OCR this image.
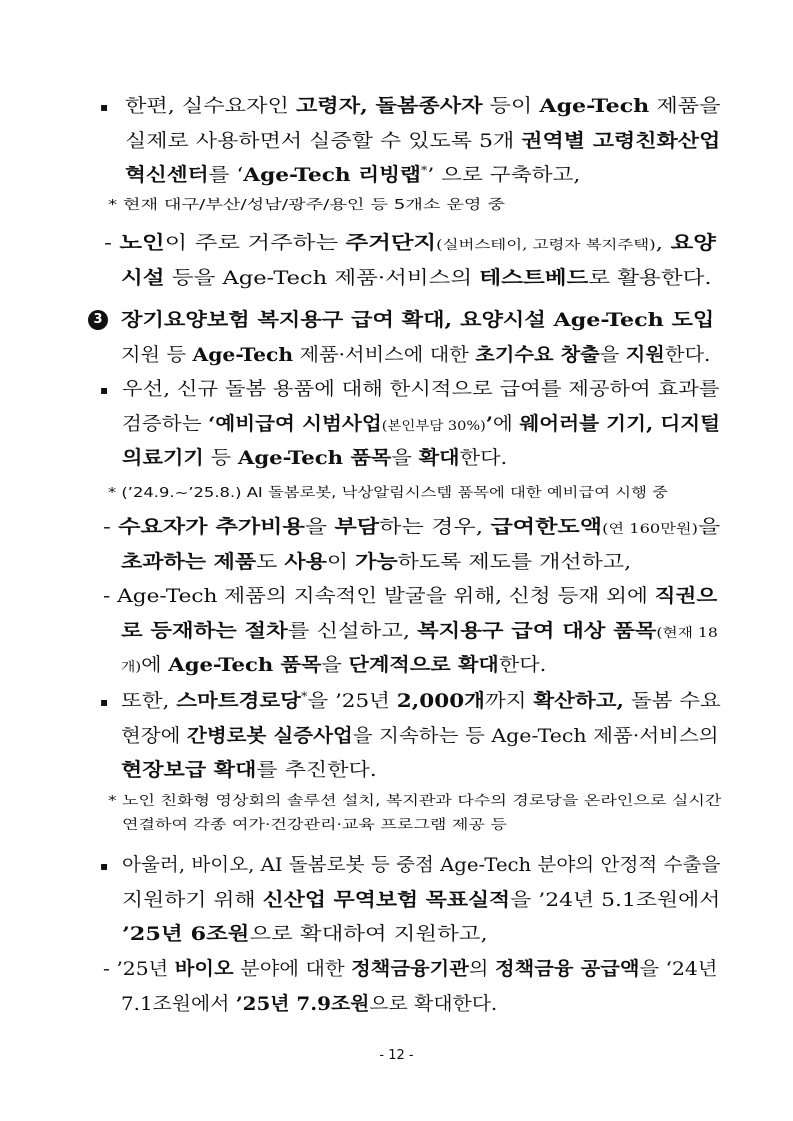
▪ 한편, 실수요자인 고령자, 돌봄종사자 등이 Age-Tech 제품을
실제로 사용하면서 실증할 수 있도록 5개 권역별 고령친화산업
혁신센터를 ‘Age-Tech 리빙랩*’ 으로 구축하고,
* 현재 대구/부산/성남/광주/용인 등 5개소 운영 중
- 노인이 주로 거주하는 주거단지(실버스테이, 고령자 복지주택), 요양
시설 등을 Age-Tech 제품·서비스의 테스트베드로 활용한다.
3 장기요양보험 복지용구 급여 확대, 요양시설 Age-Tech 도입
지원 등 Age-Tech 제품·서비스에 대한 초기수요 창출을 지원한다.
▪ 우선, 신규 돌봄 용품에 대해 한시적으로 급여를 제공하여 효과를
검증하는 ‘예비급여 시범사업(본인부담 30%)’에 웨어러블 기기, 디지털
의료기기 등 Age-Tech 품목을 확대한다.
* (’24.9.~’25.8.) AI 돌봄로봇, 낙상알림시스템 품목에 대한 예비급여 시행 중
- 수요자가 추가비용을 부담하는 경우, 급여한도액(연 160만원)을
초과하는 제품도 사용이 가능하도록 제도를 개선하고,
- Age-Tech 제품의 지속적인 발굴을 위해, 신청 등재 외에 직권으
로 등재하는 절차를 신설하고, 복지용구 급여 대상 품목(현재 18
개)에 Age-Tech 품목을 단계적으로 확대한다.
▪ 또한, 스마트경로당*을 ’25년 2,000개까지 확산하고, 돌봄 수요
현장에 간병로봇 실증사업을 지속하는 등 Age-Tech 제품·서비스의
현장보급 확대를 추진한다.
* 노인 친화형 영상회의 솔루션 설치, 복지관과 다수의 경로당을 온라인으로 실시간
연결하여 각종 여가·건강관리·교육 프로그램 제공 등
▪ 아울러, 바이오, AI 돌봄로봇 등 중점 Age-Tech 분야의 안정적 수출을
지원하기 위해 신산업 무역보험 목표실적을 ’24년 5.1조원에서
’25년 6조원으로 확대하여 지원하고,
- ’25년 바이오 분야에 대한 정책금융기관의 정책금융 공급액을 ‘24년
7.1조원에서 ’25년 7.9조원으로 확대한다.
- 12 -
